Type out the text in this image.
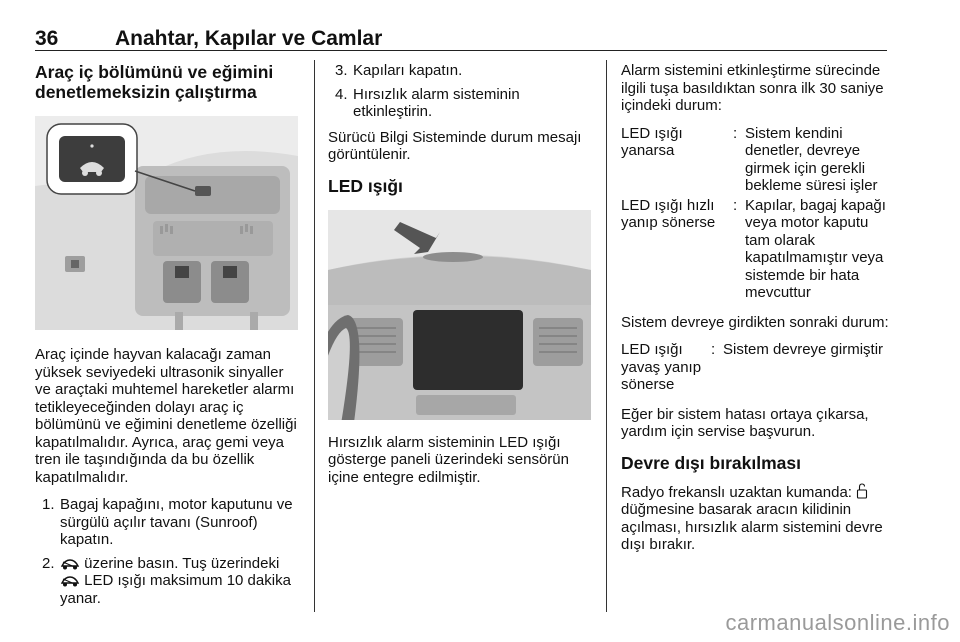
36	Anahtar, Kapılar ve Camlar
Araç iç bölümünü ve eğimini denetlemeksizin çalıştırma

Araç içinde hayvan kalacağı zaman yüksek seviyedeki ultrasonik sinyaller ve araçtaki muhtemel hareketler alarmı tetikleyeceğinden dolayı araç iç bölümünü ve eğimini denetleme özelliği kapatılmalıdır. Ayrıca, araç gemi veya tren ile taşındığında da bu özellik kapatılmalıdır.

1. Bagaj kapağını, motor kaputunu ve sürgülü açılır tavanı (Sunroof) kapatın.
2. üzerine basın. Tuş üzerindeki  LED ışığı maksimum 10 dakika yanar.
3. Kapıları kapatın.
4. Hırsızlık alarm sisteminin etkinleştirin.

Sürücü Bilgi Sisteminde durum mesajı görüntülenir.

LED ışığı

Hırsızlık alarm sisteminin LED ışığı gösterge paneli üzerindeki sensörün içine entegre edilmiştir.

Alarm sistemini etkinleştirme sürecinde ilgili tuşa basıldıktan sonra ilk 30 saniye içindeki durum:

LED ışığı yanarsa
: Sistem kendini denetler, devreye girmek için gerekli bekleme süresi işler
LED ışığı hızlı yanıp sönerse
: Kapılar, bagaj kapağı veya motor kaputu tam olarak kapatılmamıştır veya sistemde bir hata mevcuttur

Sistem devreye girdikten sonraki durum:

LED ışığı yavaş yanıp sönerse
: Sistem devreye girmiştir

Eğer bir sistem hatası ortaya çıkarsa, yardım için servise başvurun.

Devre dışı bırakılması

Radyo frekanslı uzaktan kumanda:  düğmesine basarak aracın kilidinin açılması, hırsızlık alarm sistemini devre dışı bırakır.

carmanualsonline.info
